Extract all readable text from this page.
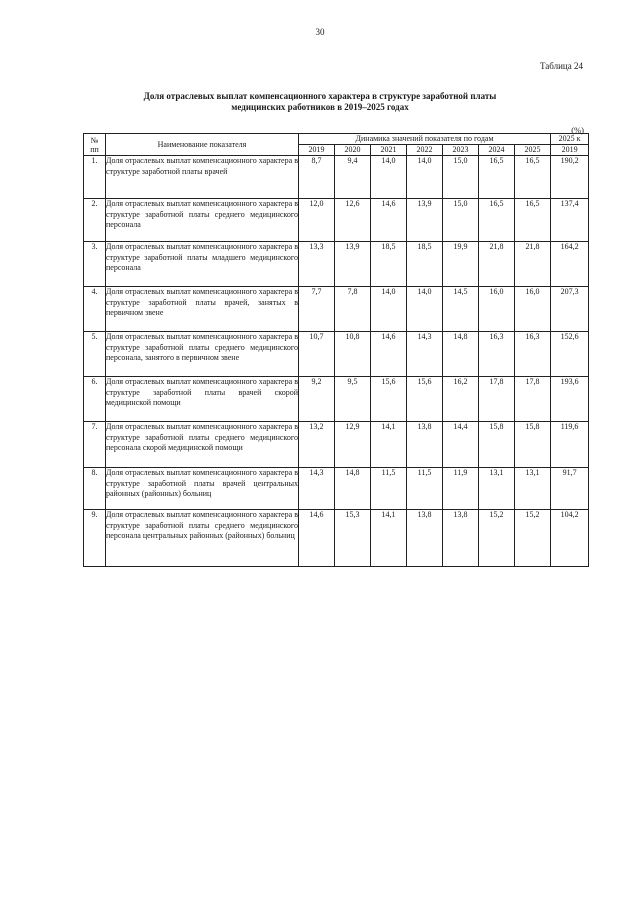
30
Таблица 24
Доля отраслевых выплат компенсационного характера в структуре заработной платы
медицинских работников в 2019–2025 годах
(%)
№
пп	Наименование показателя	Динамика значений показателя по годам							2025 к
		2019	2020	2021	2022	2023	2024	2025	2019
1.	Доля отраслевых выплат компенсационного характера в структуре заработной платы врачей	8,7	9,4	14,0	14,0	15,0	16,5	16,5	190,2
2.	Доля отраслевых выплат компенсационного характера в структуре заработной платы среднего медицинского персонала	12,0	12,6	14,6	13,9	15,0	16,5	16,5	137,4
3.	Доля отраслевых выплат компенсационного характера в структуре заработной платы младшего медицинского персонала	13,3	13,9	18,5	18,5	19,9	21,8	21,8	164,2
4.	Доля отраслевых выплат компенсационного характера в структуре заработной платы врачей, занятых в первичном звене	7,7	7,8	14,0	14,0	14,5	16,0	16,0	207,3
5.	Доля отраслевых выплат компенсационного характера в структуре заработной платы среднего медицинского персонала, занятого в первичном звене	10,7	10,8	14,6	14,3	14,8	16,3	16,3	152,6
6.	Доля отраслевых выплат компенсационного характера в структуре заработной платы врачей скорой медицинской помощи	9,2	9,5	15,6	15,6	16,2	17,8	17,8	193,6
7.	Доля отраслевых выплат компенсационного характера в структуре заработной платы среднего медицинского персонала скорой медицинской помощи	13,2	12,9	14,1	13,8	14,4	15,8	15,8	119,6
8.	Доля отраслевых выплат компенсационного характера в структуре заработной платы врачей центральных районных (районных) больниц	14,3	14,8	11,5	11,5	11,9	13,1	13,1	91,7
9.	Доля отраслевых выплат компенсационного характера в структуре заработной платы среднего медицинского персонала центральных районных (районных) больниц	14,6	15,3	14,1	13,8	13,8	15,2	15,2	104,2
